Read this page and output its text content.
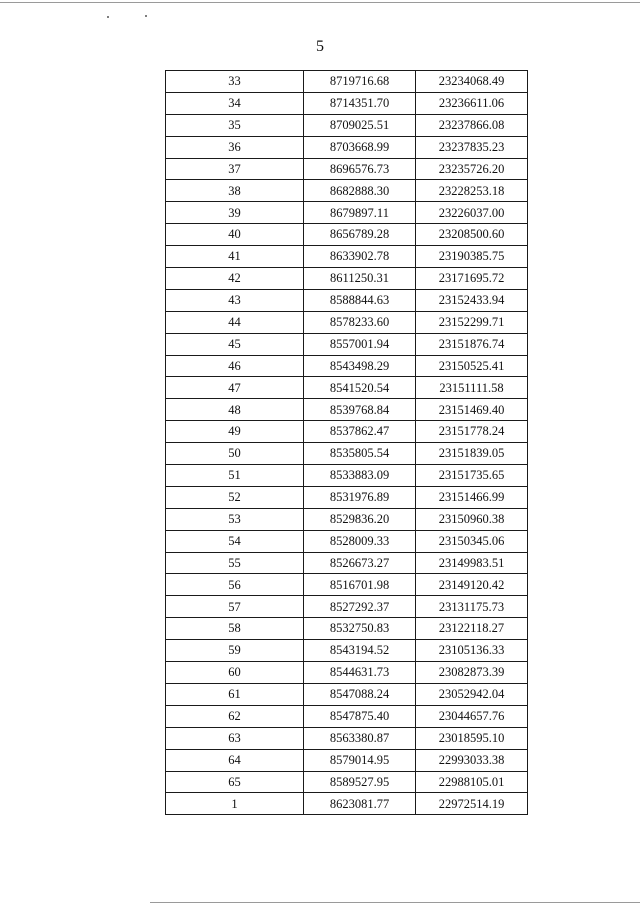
5
33	8719716.68	23234068.49
34	8714351.70	23236611.06
35	8709025.51	23237866.08
36	8703668.99	23237835.23
37	8696576.73	23235726.20
38	8682888.30	23228253.18
39	8679897.11	23226037.00
40	8656789.28	23208500.60
41	8633902.78	23190385.75
42	8611250.31	23171695.72
43	8588844.63	23152433.94
44	8578233.60	23152299.71
45	8557001.94	23151876.74
46	8543498.29	23150525.41
47	8541520.54	23151111.58
48	8539768.84	23151469.40
49	8537862.47	23151778.24
50	8535805.54	23151839.05
51	8533883.09	23151735.65
52	8531976.89	23151466.99
53	8529836.20	23150960.38
54	8528009.33	23150345.06
55	8526673.27	23149983.51
56	8516701.98	23149120.42
57	8527292.37	23131175.73
58	8532750.83	23122118.27
59	8543194.52	23105136.33
60	8544631.73	23082873.39
61	8547088.24	23052942.04
62	8547875.40	23044657.76
63	8563380.87	23018595.10
64	8579014.95	22993033.38
65	8589527.95	22988105.01
1	8623081.77	22972514.19
